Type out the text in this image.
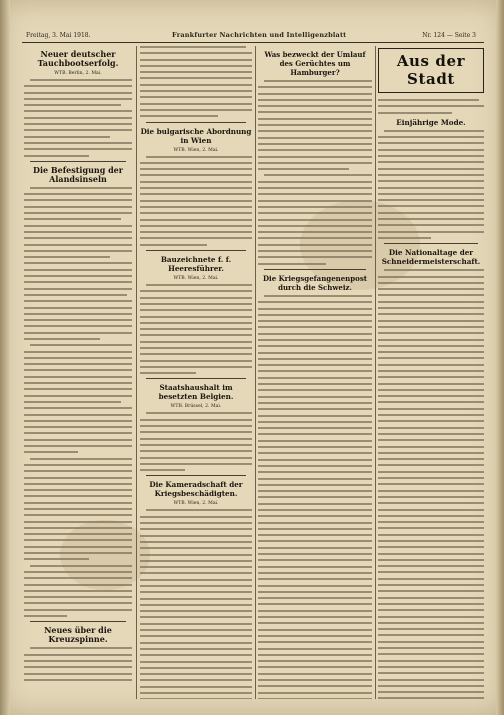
Freitag, 3. Mai 1918.	Frankfurter Nachrichten und Intelligenzblatt	Nr. 124 — Seite 3
Neuer deutscher Tauchbootserfolg.
WTB. Berlin, 2. Mai.
Die Befestigung der Alandsinseln
Neues über die Kreuzspinne.
Die bulgarische Abordnung in Wien
WTB. Wien, 2. Mai.
Bauzeichnete f. f. Heeresführer.
WTB. Wien, 2. Mai.
Staatshaushalt im besetzten Belgien.
WTB. Brüssel, 2. Mai.
Die Kameradschaft der Kriegsbeschädigten.
WTB. Wien, 2. Mai.
Was bezweckt der Umlauf des Gerüchtes um Hamburger?
Die Kriegsgefangenenpost durch die Schweiz.
Aus der Stadt
Einjährige Mode.
Die Nationaltage der Schneidermeisterschaft.
